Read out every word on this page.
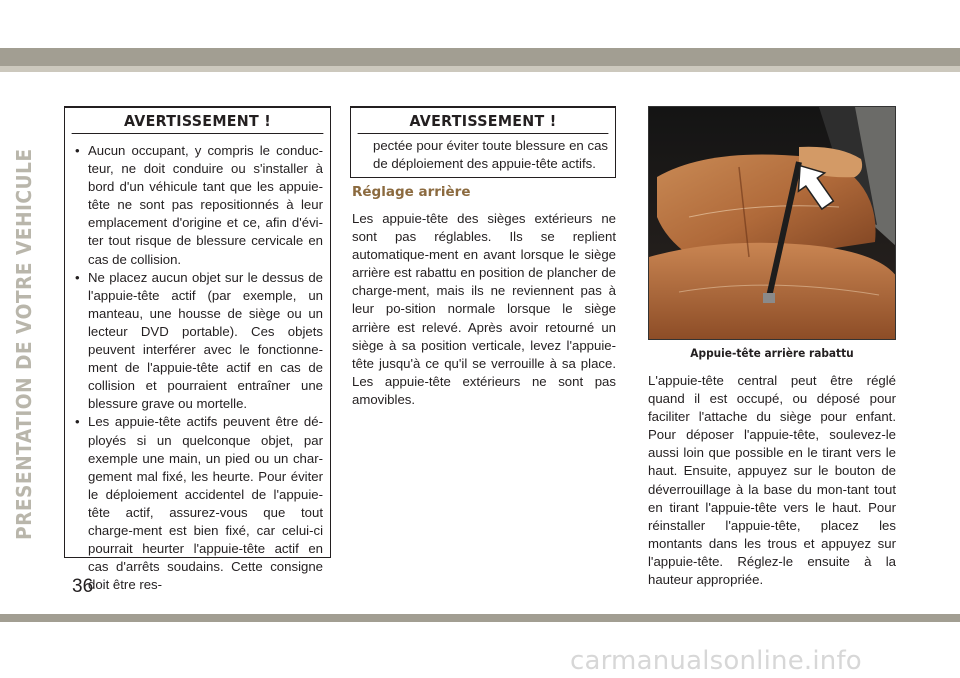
PRESENTATION DE VOTRE VEHICULE
AVERTISSEMENT !
• Aucun occupant, y compris le conduc-teur, ne doit conduire ou s'installer à bord d'un véhicule tant que les appuie-tête ne sont pas repositionnés à leur emplacement d'origine et ce, afin d'évi-ter tout risque de blessure cervicale en cas de collision.
• Ne placez aucun objet sur le dessus de l'appuie-tête actif (par exemple, un manteau, une housse de siège ou un lecteur DVD portable). Ces objets peuvent interférer avec le fonctionne-ment de l'appuie-tête actif en cas de collision et pourraient entraîner une blessure grave ou mortelle.
• Les appuie-tête actifs peuvent être dé-ployés si un quelconque objet, par exemple une main, un pied ou un char-gement mal fixé, les heurte. Pour éviter le déploiement accidentel de l'appuie-tête actif, assurez-vous que tout charge-ment est bien fixé, car celui-ci pourrait heurter l'appuie-tête actif en cas d'arrêts soudains. Cette consigne doit être res-
AVERTISSEMENT !

pectée pour éviter toute blessure en cas de déploiement des appuie-tête actifs.

Réglage arrière

Les appuie-tête des sièges extérieurs ne sont pas réglables. Ils se replient automatique-ment en avant lorsque le siège arrière est rabattu en position de plancher de charge-ment, mais ils ne reviennent pas à leur po-sition normale lorsque le siège arrière est relevé. Après avoir retourné un siège à sa position verticale, levez l'appuie-tête jusqu'à ce qu'il se verrouille à sa place. Les appuie-tête extérieurs ne sont pas amovibles.

Appuie-tête arrière rabattu

L'appuie-tête central peut être réglé quand il est occupé, ou déposé pour faciliter l'attache du siège pour enfant. Pour déposer l'appuie-tête, soulevez-le aussi loin que possible en le tirant vers le haut. Ensuite, appuyez sur le bouton de déverrouillage à la base du mon-tant tout en tirant l'appuie-tête vers le haut. Pour réinstaller l'appuie-tête, placez les montants dans les trous et appuyez sur l'appuie-tête. Réglez-le ensuite à la hauteur appropriée.

36
carmanualsonline.info
